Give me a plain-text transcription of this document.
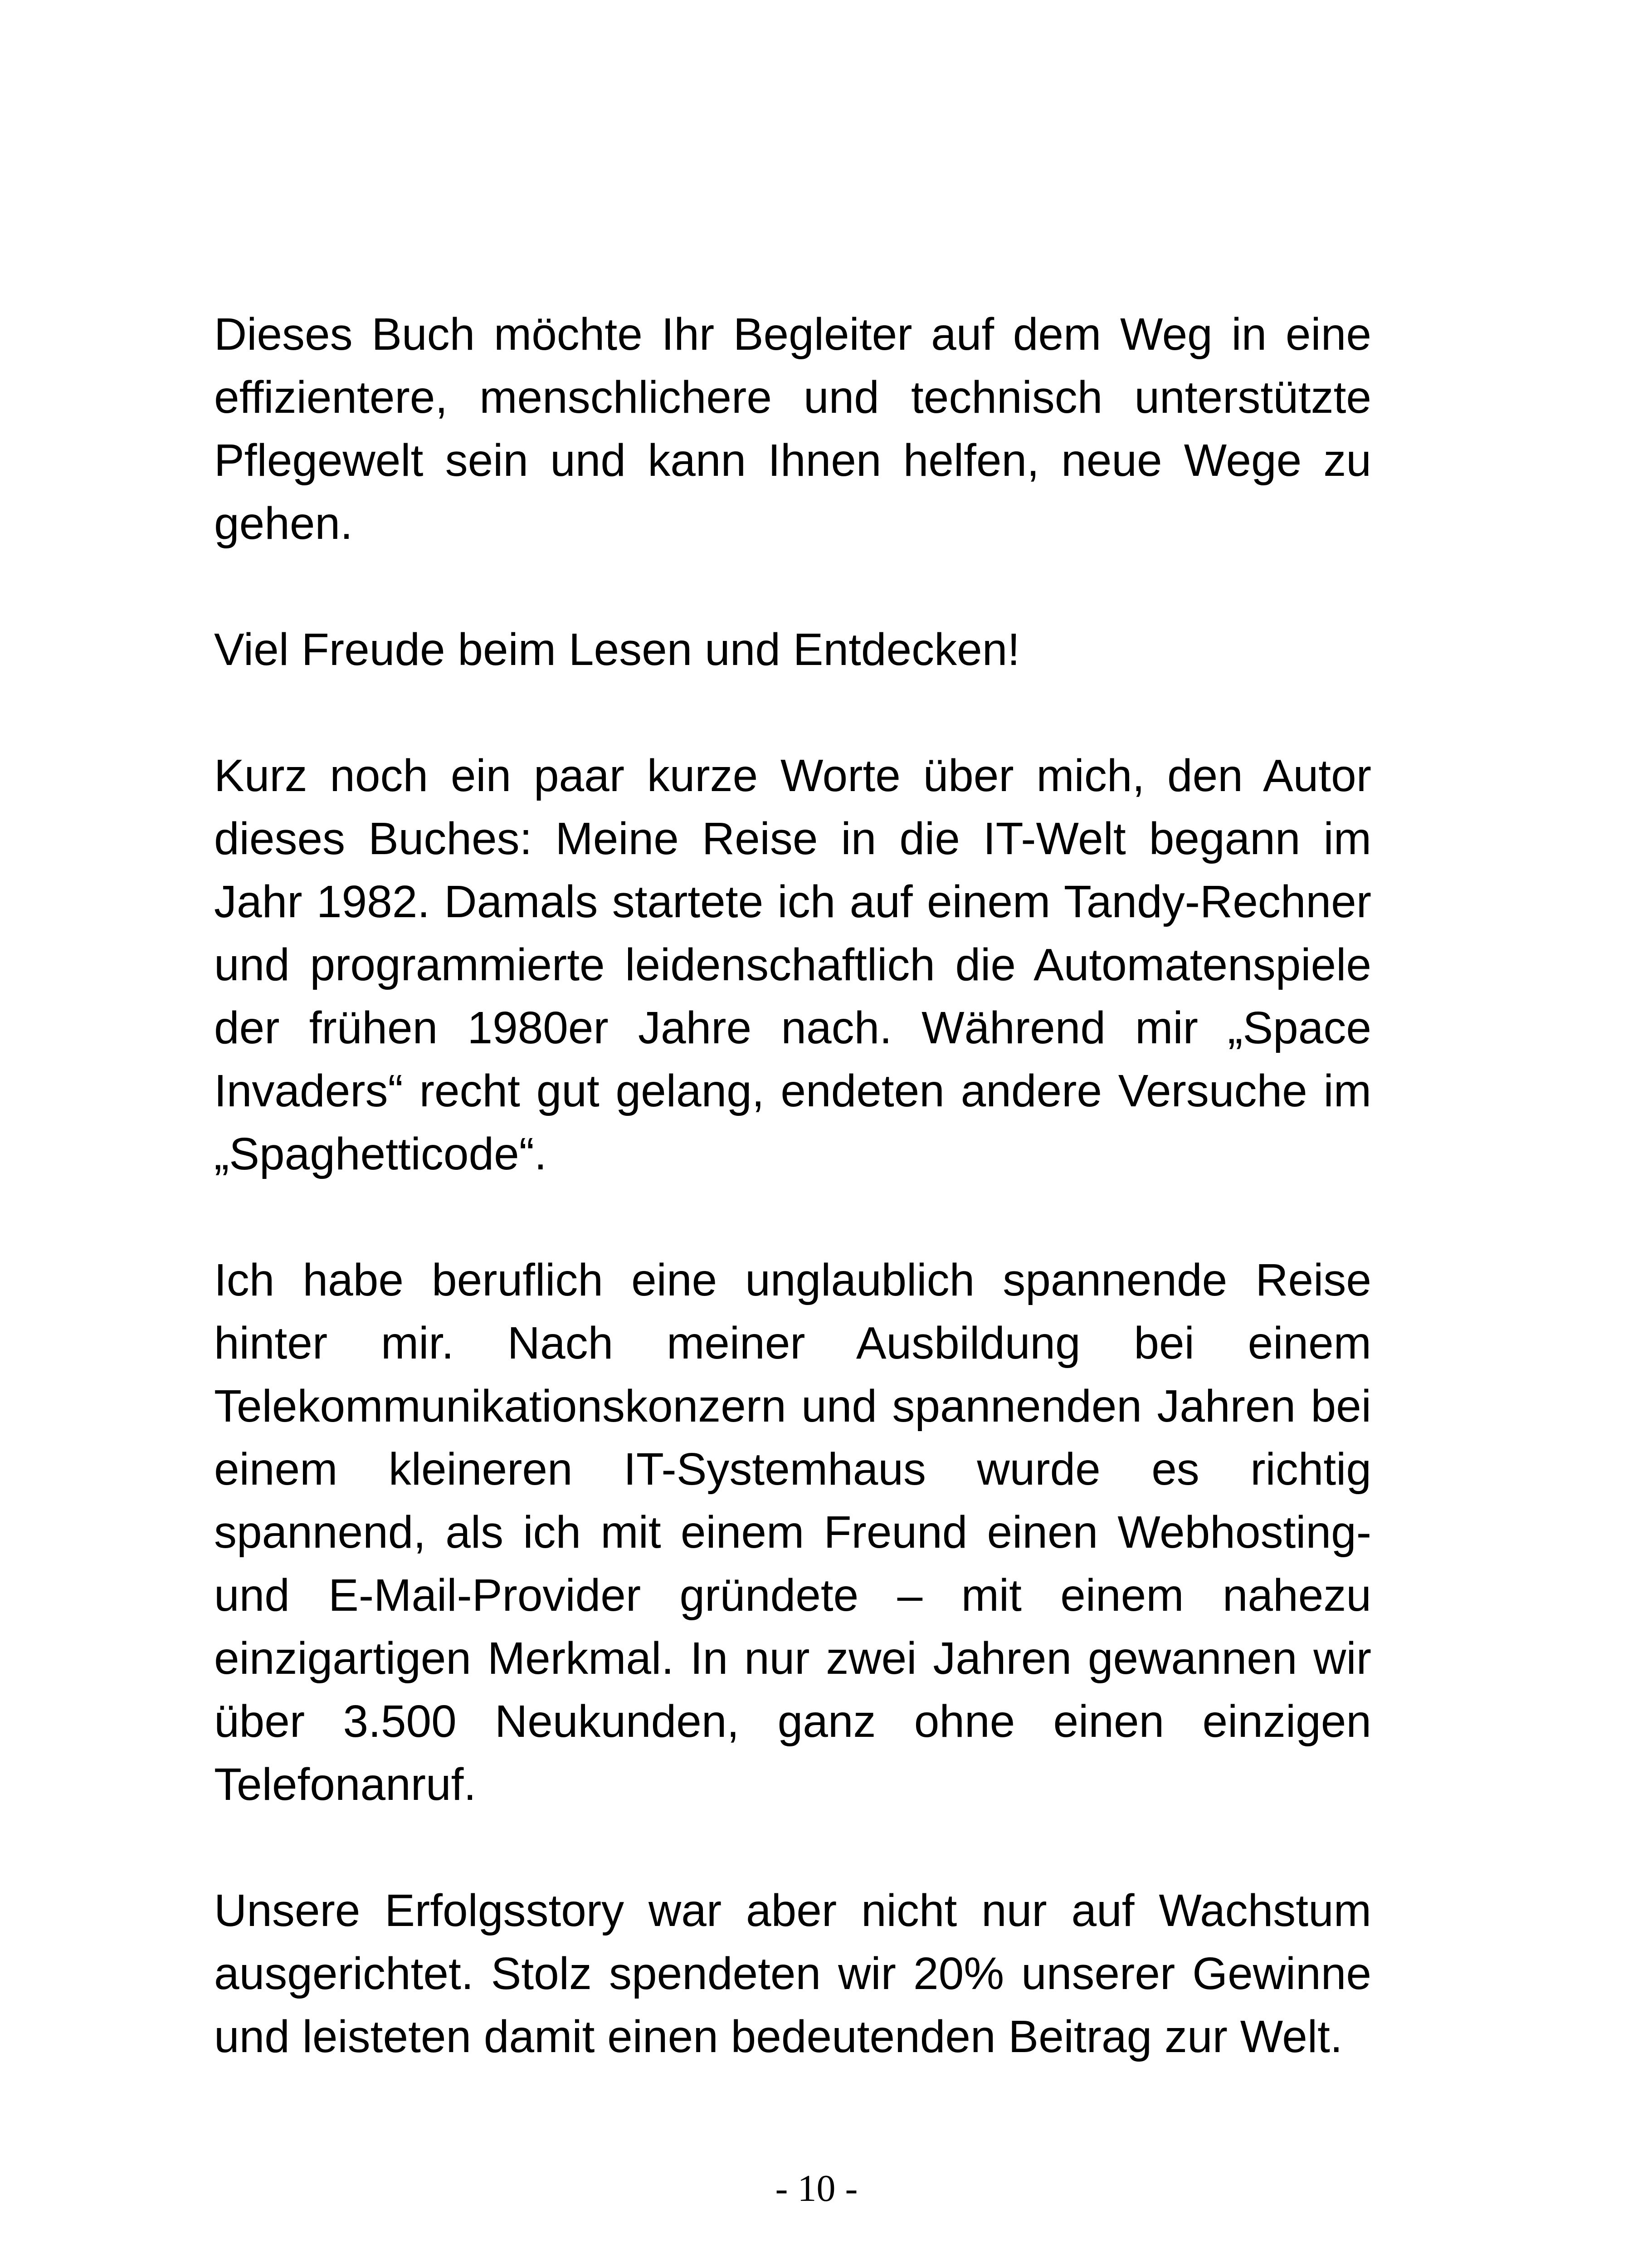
Dieses Buch möchte Ihr Begleiter auf dem Weg in eine effizientere, menschlichere und technisch unterstützte Pflegewelt sein und kann Ihnen helfen, neue Wege zu gehen.

Viel Freude beim Lesen und Entdecken!

Kurz noch ein paar kurze Worte über mich, den Autor dieses Buches: Meine Reise in die IT-Welt begann im Jahr 1982. Damals startete ich auf einem Tandy-Rechner und programmierte leidenschaftlich die Automatenspiele der frühen 1980er Jahre nach. Während mir „Space Invaders“ recht gut gelang, endeten andere Versuche im „Spaghetticode“.

Ich habe beruflich eine unglaublich spannende Reise hinter mir. Nach meiner Ausbildung bei einem Telekommunikationskonzern und spannenden Jahren bei einem kleineren IT-Systemhaus wurde es richtig spannend, als ich mit einem Freund einen Webhosting- und E-Mail-Provider gründete – mit einem nahezu einzigartigen Merkmal. In nur zwei Jahren gewannen wir über 3.500 Neukunden, ganz ohne einen einzigen Telefonanruf.

Unsere Erfolgsstory war aber nicht nur auf Wachstum ausgerichtet. Stolz spendeten wir 20% unserer Gewinne und leisteten damit einen bedeutenden Beitrag zur Welt.

- 10 -
